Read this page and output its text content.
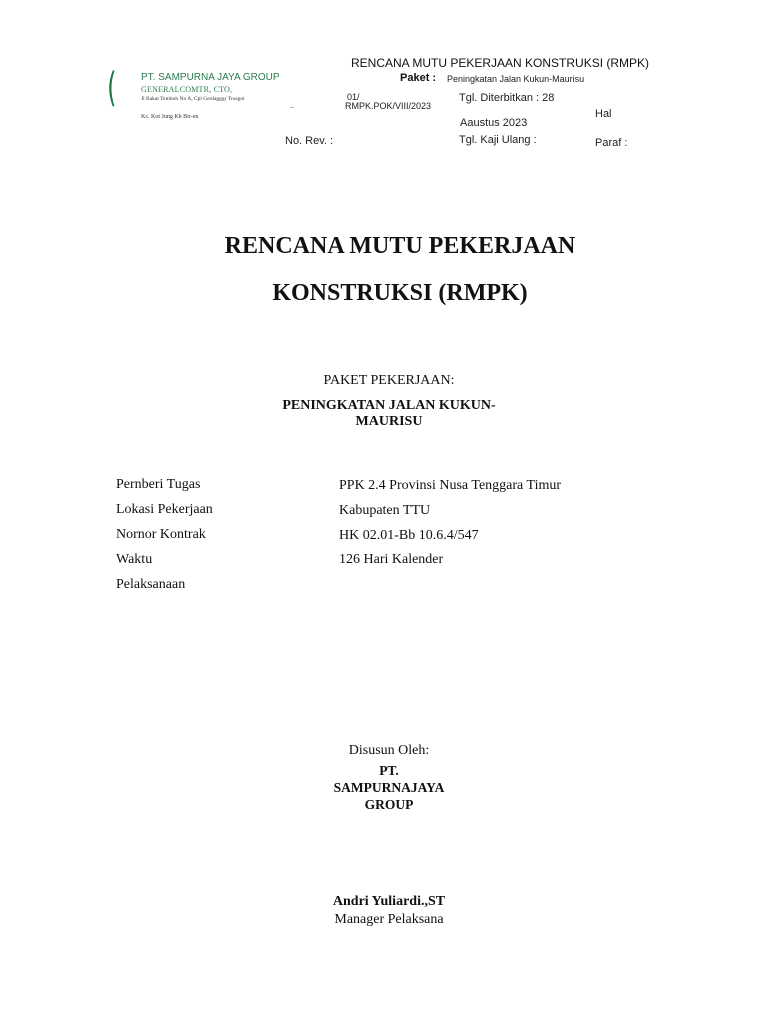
( PT. SAMPURNA JAYA GROUP
GENERALCOMTR, CTO,
Jl Bakat Temboh No A, Cpl Geolagggr Trusgot
Kc. Kot Jung Kb Bir-en
RENCANA MUTU PEKERJAAN KONSTRUKSI (RMPK)
Paket : Peningkatan Jalan Kukun-Maurisu
..
01/
RMPK.POK/VIII/2023
Tgl. Diterbitkan : 28
Aaustus 2023
Hal
No. Rev. :	Tgl. Kaji Ulang :	Paraf :
RENCANA MUTU PEKERJAAN
KONSTRUKSI (RMPK)
PAKET PEKERJAAN:
PENINGKATAN JALAN KUKUN-
MAURISU
Pernberi Tugas	PPK 2.4 Provinsi Nusa Tenggara Timur
Lokasi Pekerjaan	Kabupaten TTU
Nornor Kontrak	HK 02.01-Bb 10.6.4/547
Waktu	126 Hari Kalender
Pelaksanaan
Disusun Oleh:
PT.
SAMPURNAJAYA
GROUP
Andri Yuliardi.,ST
Manager Pelaksana
